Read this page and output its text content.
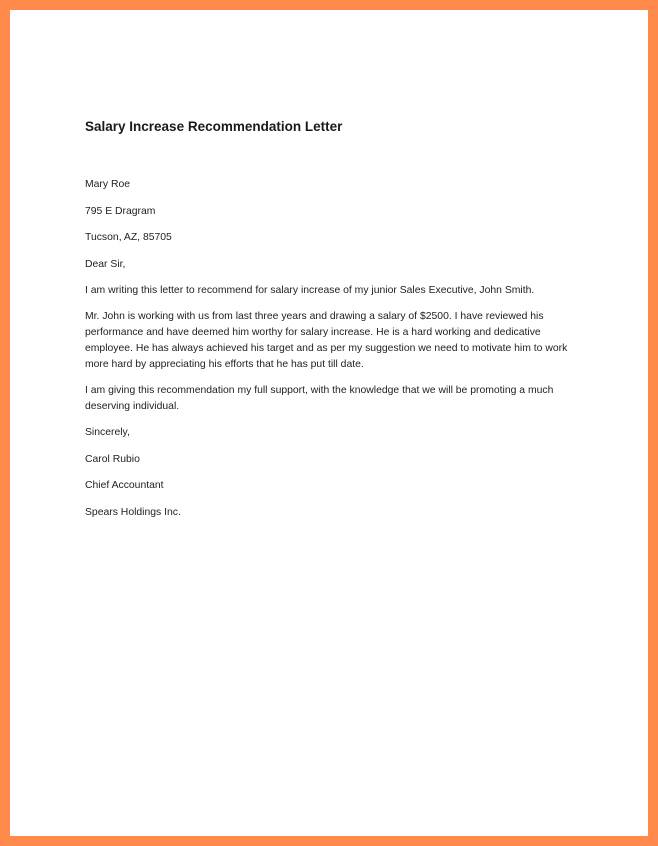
Salary Increase Recommendation Letter
Mary Roe
795 E Dragram
Tucson, AZ, 85705
Dear Sir,
I am writing this letter to recommend for salary increase of my junior Sales Executive, John Smith.
Mr. John is working with us from last three years and drawing a salary of $2500. I have reviewed his
performance and have deemed him worthy for salary increase. He is a hard working and dedicative
employee. He has always achieved his target and as per my suggestion we need to motivate him to work
more hard by appreciating his efforts that he has put till date.
I am giving this recommendation my full support, with the knowledge that we will be promoting a much
deserving individual.
Sincerely,
Carol Rubio
Chief Accountant
Spears Holdings Inc.
